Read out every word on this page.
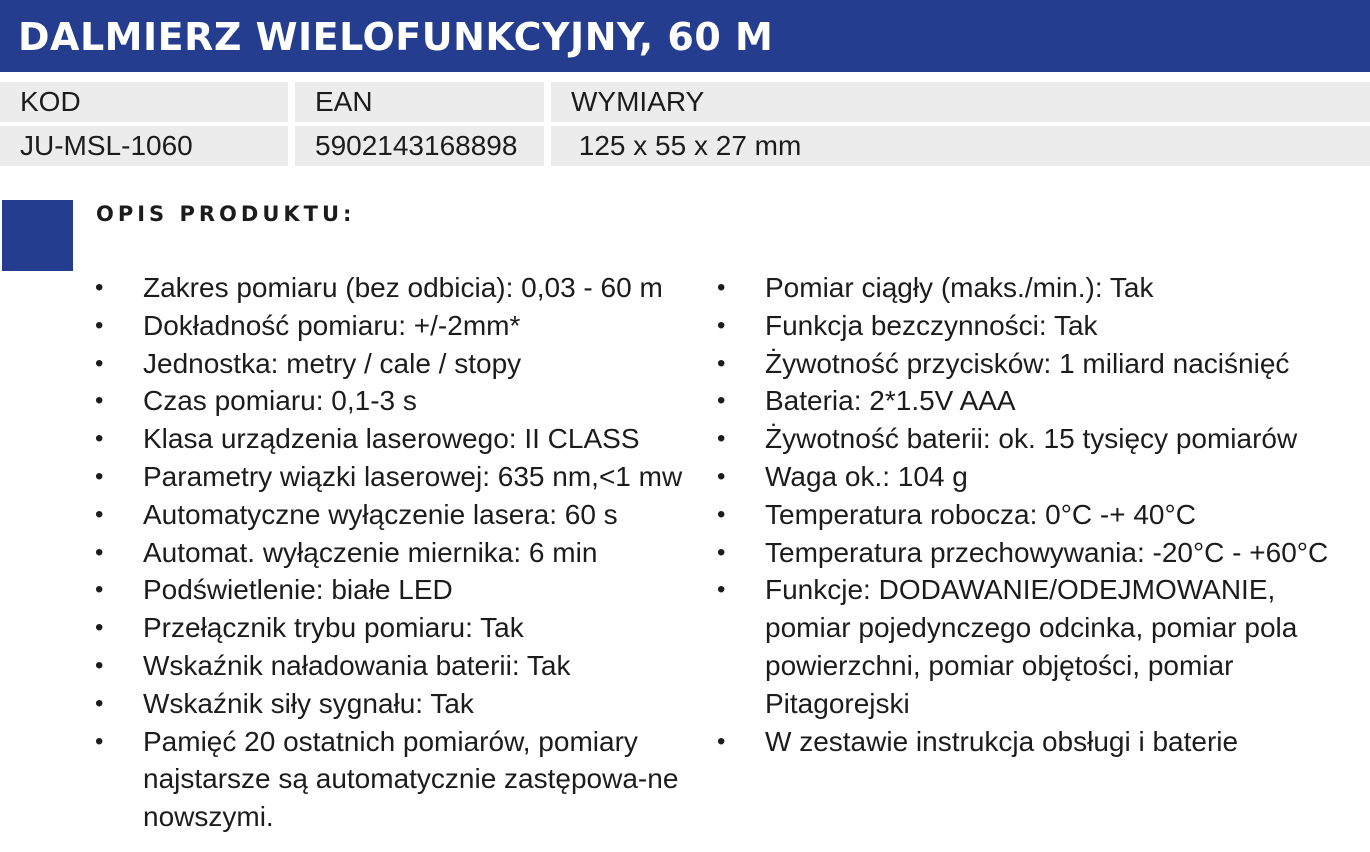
DALMIERZ WIELOFUNKCYJNY, 60 M
KOD	EAN	WYMIARY
JU-MSL-1060	5902143168898	125 x 55 x 27 mm
OPIS PRODUKTU:
• Zakres pomiaru (bez odbicia): 0,03 - 60 m
• Dokładność pomiaru: +/-2mm*
• Jednostka: metry / cale / stopy
• Czas pomiaru: 0,1-3 s
• Klasa urządzenia laserowego: II CLASS
• Parametry wiązki laserowej: 635 nm,<1 mw
• Automatyczne wyłączenie lasera: 60 s
• Automat. wyłączenie miernika: 6 min
• Podświetlenie: białe LED
• Przełącznik trybu pomiaru: Tak
• Wskaźnik naładowania baterii: Tak
• Wskaźnik siły sygnału: Tak
• Pamięć 20 ostatnich pomiarów, pomiary najstarsze są automatycznie zastępowa-ne nowszymi.
• Pomiar ciągły (maks./min.): Tak
• Funkcja bezczynności: Tak
• Żywotność przycisków: 1 miliard naciśnięć
• Bateria: 2*1.5V AAA
• Żywotność baterii: ok. 15 tysięcy pomiarów
• Waga ok.: 104 g
• Temperatura robocza: 0°C -+ 40°C
• Temperatura przechowywania: -20°C - +60°C
• Funkcje: DODAWANIE/ODEJMOWANIE, pomiar pojedynczego odcinka, pomiar pola powierzchni, pomiar objętości, pomiar Pitagorejski
• W zestawie instrukcja obsługi i baterie
